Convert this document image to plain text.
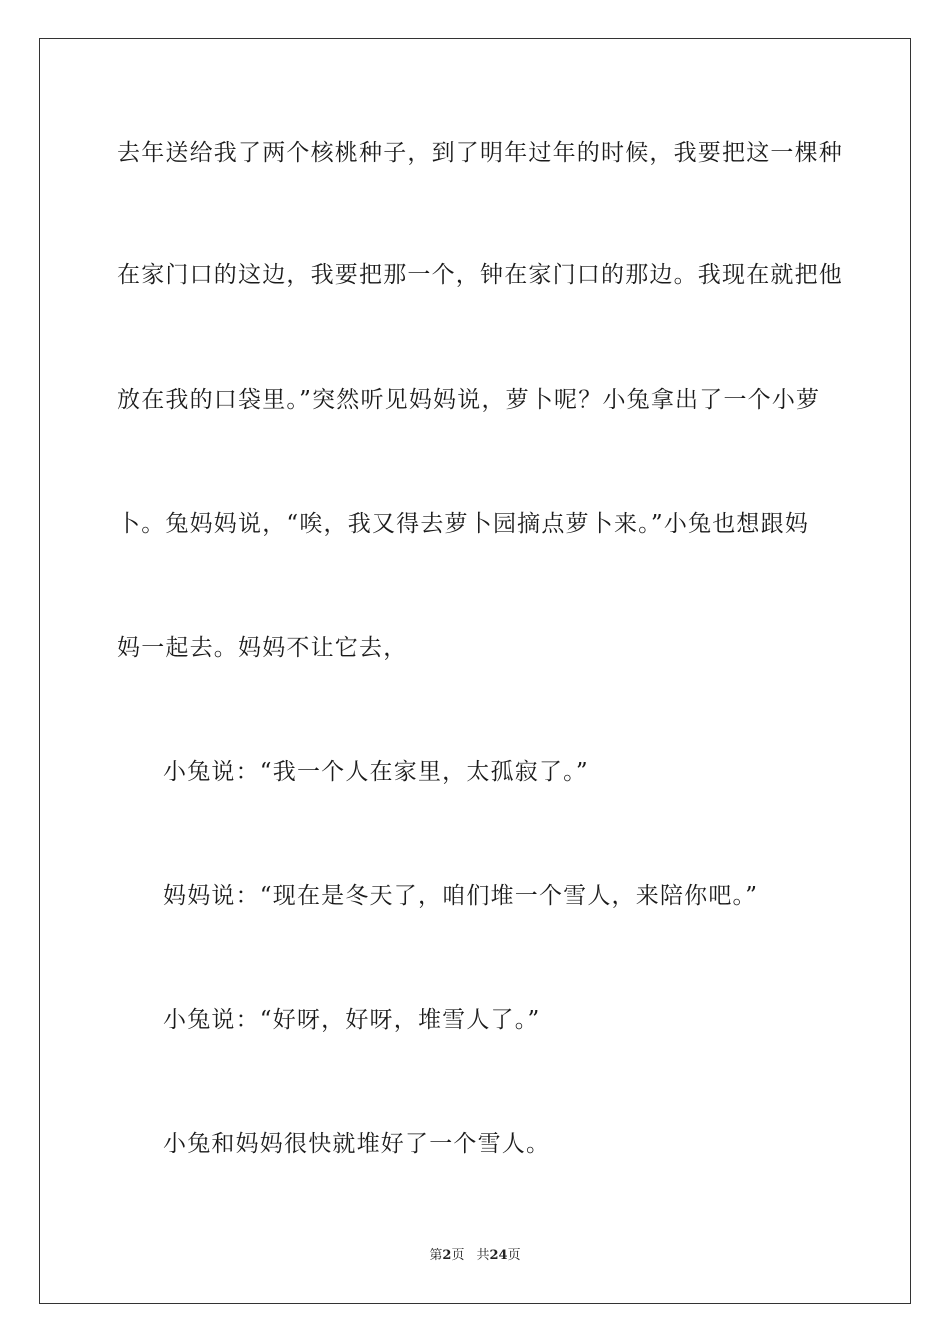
去年送给我了两个核桃种子，到了明年过年的时候，我要把这一棵种
在家门口的这边，我要把那一个，钟在家门口的那边。我现在就把他
放在我的口袋里。”突然听见妈妈说，萝卜呢？小兔拿出了一个小萝
卜。兔妈妈说，“唉，我又得去萝卜园摘点萝卜来。”小兔也想跟妈
妈一起去。妈妈不让它去，
小兔说：“我一个人在家里，太孤寂了。”
妈妈说：“现在是冬天了，咱们堆一个雪人，来陪你吧。”
小兔说：“好呀，好呀，堆雪人了。”
小兔和妈妈很快就堆好了一个雪人。
第2页 共24页
